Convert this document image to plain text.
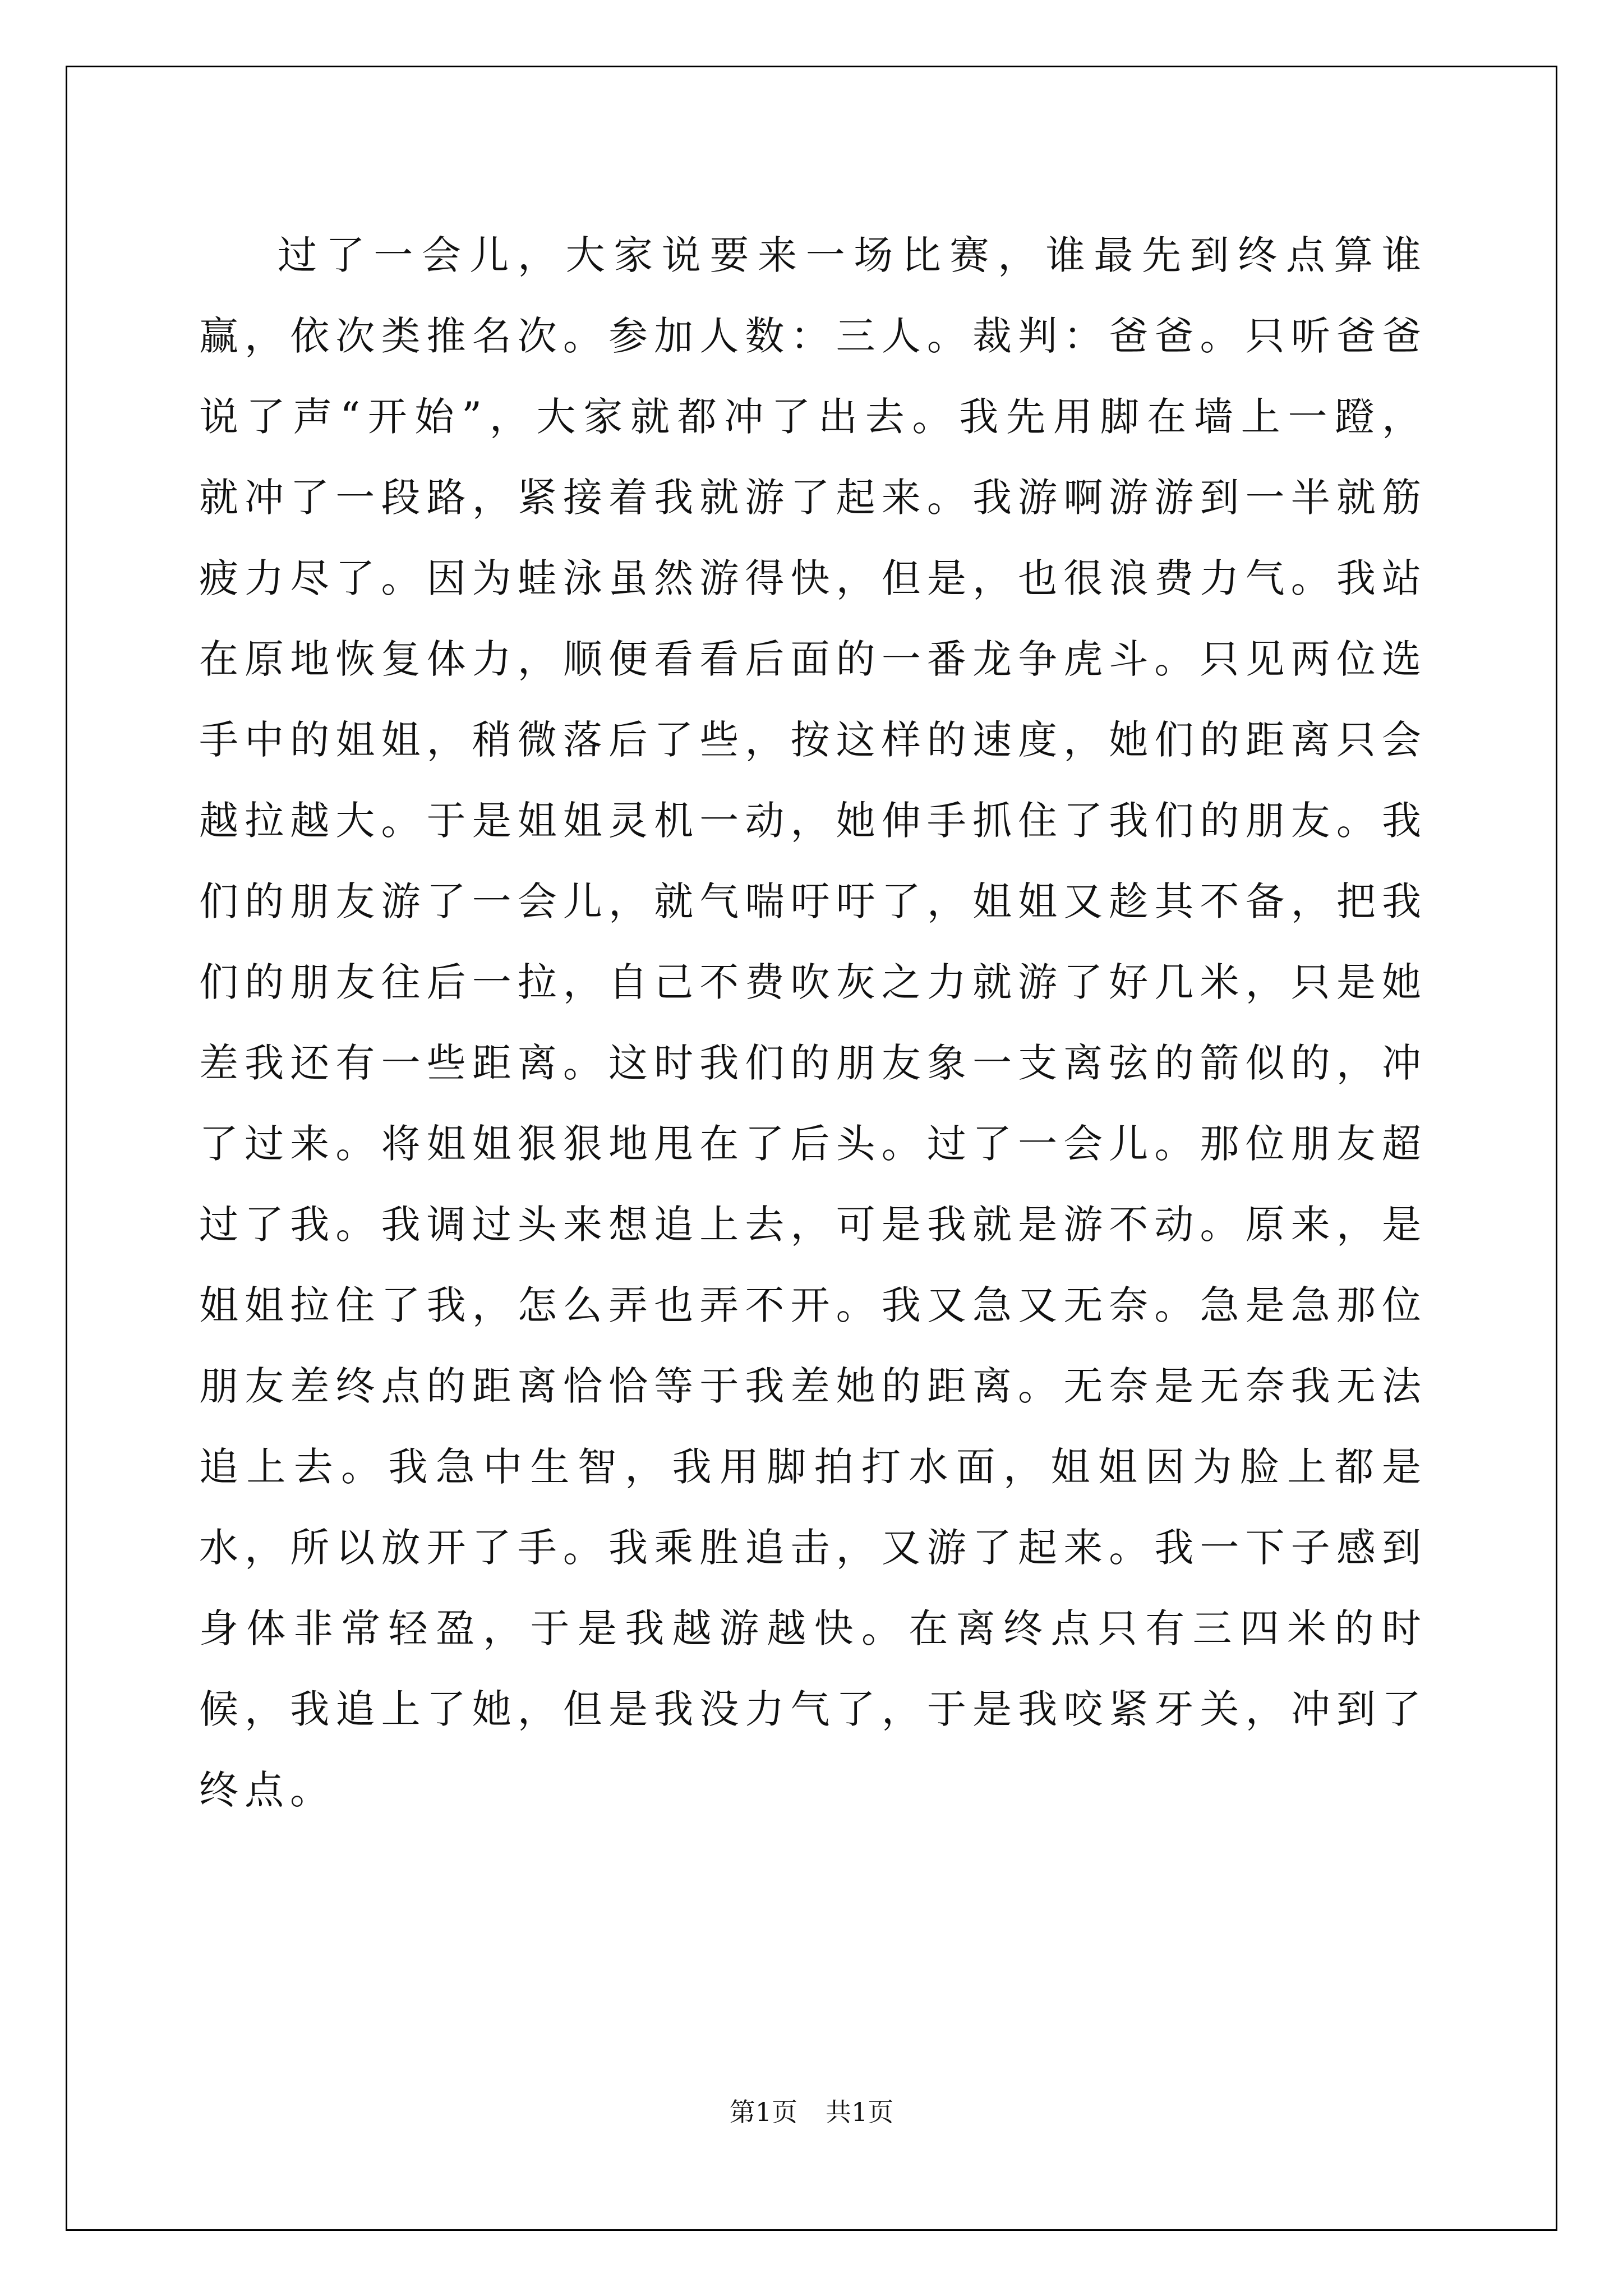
过了一会儿，大家说要来一场比赛，谁最先到终点算谁赢，依次类推名次。参加人数：三人。裁判：爸爸。只听爸爸说了声“开始”，大家就都冲了出去。我先用脚在墙上一蹬，就冲了一段路，紧接着我就游了起来。我游啊游游到一半就筋疲力尽了。因为蛙泳虽然游得快，但是，也很浪费力气。我站在原地恢复体力，顺便看看后面的一番龙争虎斗。只见两位选手中的姐姐，稍微落后了些，按这样的速度，她们的距离只会越拉越大。于是姐姐灵机一动，她伸手抓住了我们的朋友。我们的朋友游了一会儿，就气喘吁吁了，姐姐又趁其不备，把我们的朋友往后一拉，自己不费吹灰之力就游了好几米，只是她差我还有一些距离。这时我们的朋友象一支离弦的箭似的，冲了过来。将姐姐狠狠地甩在了后头。过了一会儿。那位朋友超过了我。我调过头来想追上去，可是我就是游不动。原来，是姐姐拉住了我，怎么弄也弄不开。我又急又无奈。急是急那位朋友差终点的距离恰恰等于我差她的距离。无奈是无奈我无法追上去。我急中生智，我用脚拍打水面，姐姐因为脸上都是水，所以放开了手。我乘胜追击，又游了起来。我一下子感到身体非常轻盈，于是我越游越快。在离终点只有三四米的时候，我追上了她，但是我没力气了，于是我咬紧牙关，冲到了终点。

第1页 共1页
